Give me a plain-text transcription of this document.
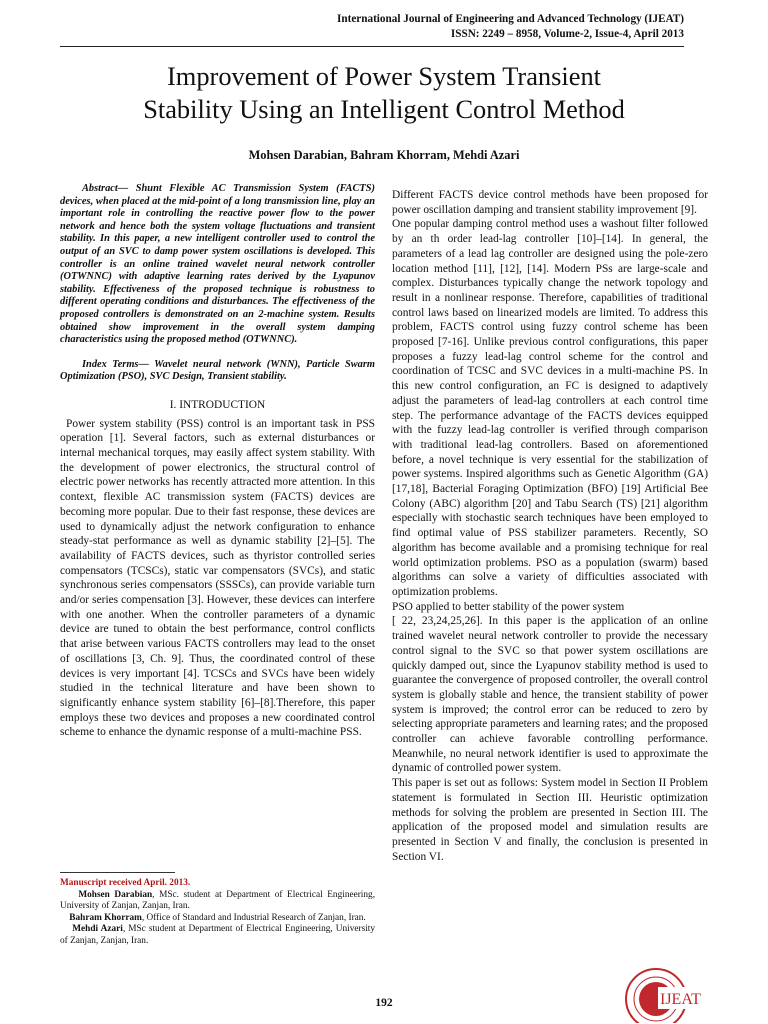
International Journal of Engineering and Advanced Technology (IJEAT)
ISSN: 2249 – 8958, Volume-2, Issue-4, April 2013
Improvement of Power System Transient
Stability Using an Intelligent Control Method
Mohsen Darabian, Bahram Khorram, Mehdi Azari

Abstract— Shunt Flexible AC Transmission System (FACTS) devices, when placed at the mid-point of a long transmission line, play an important role in controlling the reactive power flow to the power network and hence both the system voltage fluctuations and transient stability. In this paper, a new intelligent controller used to control the output of an SVC to damp power system oscillations is developed. This controller is an online trained wavelet neural network controller (OTWNNC) with adaptive learning rates derived by the Lyapunov stability. Effectiveness of the proposed technique is robustness to different operating conditions and disturbances. The effectiveness of the proposed controllers is demonstrated on an 2-machine system. Results obtained show improvement in the overall system damping characteristics using the proposed method (OTWNNC).

Index Terms— Wavelet neural network (WNN), Particle Swarm Optimization (PSO), SVC Design, Transient stability.

I. INTRODUCTION

Power system stability (PSS) control is an important task in PSS operation [1]. Several factors, such as external disturbances or internal mechanical torques, may easily affect system stability. With the development of power electronics, the structural control of electric power networks has recently attracted more attention. In this context, flexible AC transmission system (FACTS) devices are becoming more popular. Due to their fast response, these devices are used to dynamically adjust the network configuration to enhance steady-stat performance as well as dynamic stability [2]–[5]. The availability of FACTS devices, such as thyristor controlled series compensators (TCSCs), static var compensators (SVCs), and static synchronous series compensators (SSSCs), can provide variable turn and/or series compensation [3]. However, these devices can interfere with one another. When the controller parameters of a dynamic device are tuned to obtain the best performance, control conflicts that arise between various FACTS controllers may lead to the onset of oscillations [3, Ch. 9]. Thus, the coordinated control of these devices is very important [4]. TCSCs and SVCs have been widely studied in the technical literature and have been shown to significantly enhance system stability [6]–[8].Therefore, this paper employs these two devices and proposes a new coordinated control scheme to enhance the dynamic response of a multi-machine PSS.

Manuscript received April. 2013.

Mohsen Darabian, MSc. student at Department of Electrical Engineering, University of Zanjan, Zanjan, Iran.

Bahram Khorram, Office of Standard and Industrial Research of Zanjan, Iran.

Mehdi Azari, MSc student at Department of Electrical Engineering, University of Zanjan, Zanjan, Iran.

Different FACTS device control methods have been proposed for power oscillation damping and transient stability improvement [9].

One popular damping control method uses a washout filter followed by an th order lead-lag controller [10]–[14]. In general, the parameters of a lead lag controller are designed using the pole-zero location method [11], [12], [14]. Modern PSs are large-scale and complex. Disturbances typically change the network topology and result in a nonlinear response. Therefore, capabilities of traditional control laws based on linearized models are limited. To address this problem, FACTS control using fuzzy control scheme has been proposed [7-16]. Unlike previous control configurations, this paper proposes a fuzzy lead-lag control scheme for the control and coordination of TCSC and SVC devices in a multi-machine PS. In this new control configuration, an FC is designed to adaptively adjust the parameters of lead-lag controllers at each control time step. The performance advantage of the FACTS devices equipped with the fuzzy lead-lag controller is verified through comparison with traditional lead-lag controllers. Based on aforementioned before, a novel technique is very essential for the stabilization of power systems. Inspired algorithms such as Genetic Algorithm (GA) [17,18], Bacterial Foraging Optimization (BFO) [19] Artificial Bee Colony (ABC) algorithm [20] and Tabu Search (TS) [21] algorithm especially with stochastic search techniques have been employed to find optimal value of PSS stabilizer parameters. Recently, SO algorithm has become available and a promising technique for real world optimization problems. PSO as a population (swarm) based algorithms can solve a variety of difficulties associated with optimization problems.

PSO applied to better stability of the power system

[ 22, 23,24,25,26]. In this paper is the application of an online trained wavelet neural network controller to provide the necessary control signal to the SVC so that power system oscillations are quickly damped out, since the Lyapunov stability method is used to guarantee the convergence of proposed controller, the overall control system is globally stable and hence, the transient stability of power system is improved; the control error can be reduced to zero by selecting appropriate parameters and learning rates; and the proposed controller can achieve favorable controlling performance. Meanwhile, no neural network identifier is used to approximate the dynamic of controlled power system.

This paper is set out as follows: System model in Section II Problem statement is formulated in Section III. Heuristic optimization methods for solving the problem are presented in Section III. The application of the proposed model and simulation results are presented in Section V and finally, the conclusion is presented in Section VI.

192	IJEAT
